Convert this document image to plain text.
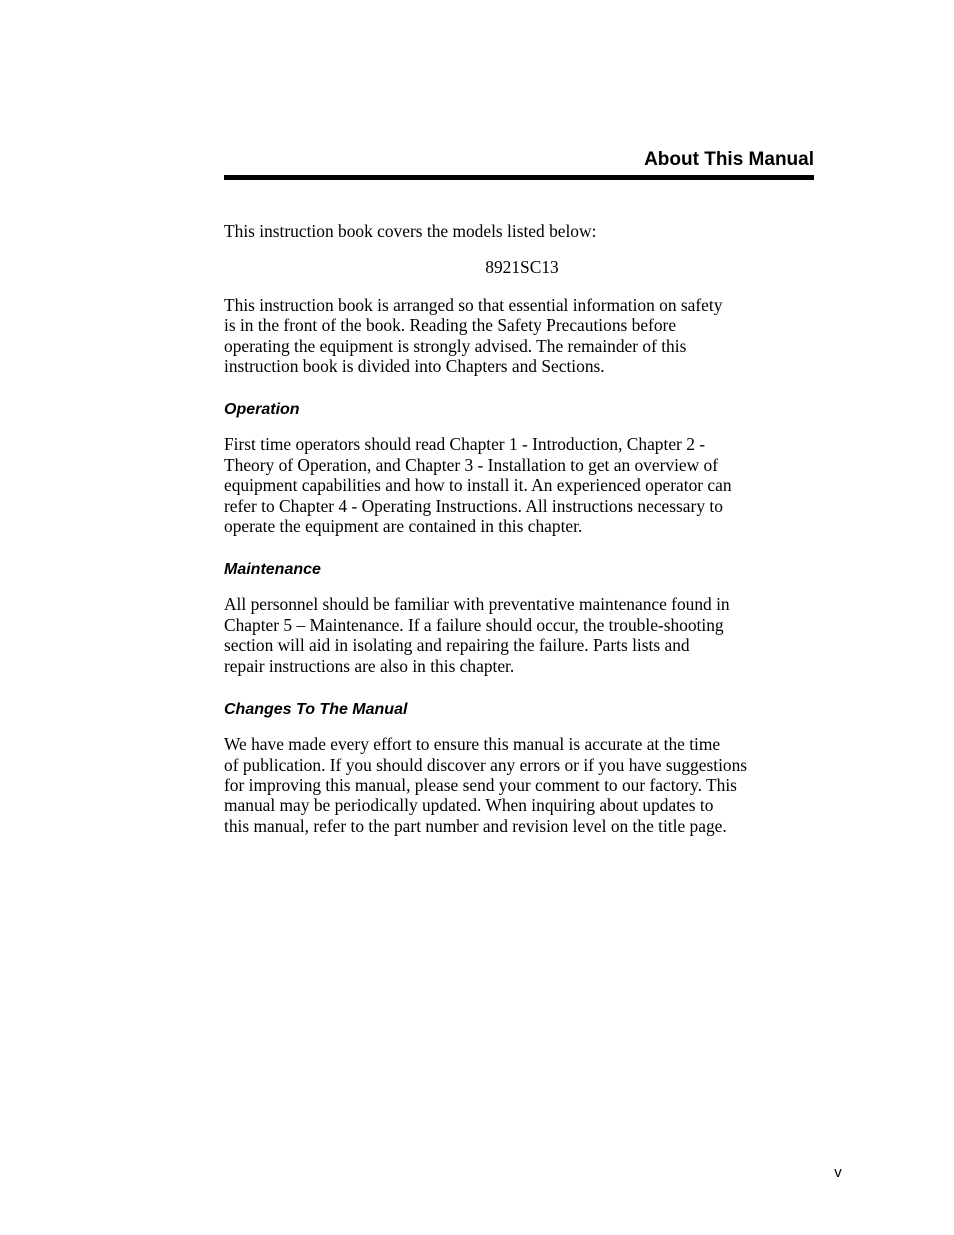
About This Manual

This instruction book covers the models listed below:

8921SC13

This instruction book is arranged so that essential information on safety
is in the front of the book. Reading the Safety Precautions before
operating the equipment is strongly advised. The remainder of this
instruction book is divided into Chapters and Sections.

Operation

First time operators should read Chapter 1 - Introduction, Chapter 2 -
Theory of Operation, and Chapter 3 - Installation to get an overview of
equipment capabilities and how to install it. An experienced operator can
refer to Chapter 4 - Operating Instructions. All instructions necessary to
operate the equipment are contained in this chapter.

Maintenance

All personnel should be familiar with preventative maintenance found in
Chapter 5 – Maintenance. If a failure should occur, the trouble-shooting
section will aid in isolating and repairing the failure. Parts lists and
repair instructions are also in this chapter.

Changes To The Manual

We have made every effort to ensure this manual is accurate at the time
of publication. If you should discover any errors or if you have suggestions
for improving this manual, please send your comment to our factory. This
manual may be periodically updated. When inquiring about updates to
this manual, refer to the part number and revision level on the title page.

v
